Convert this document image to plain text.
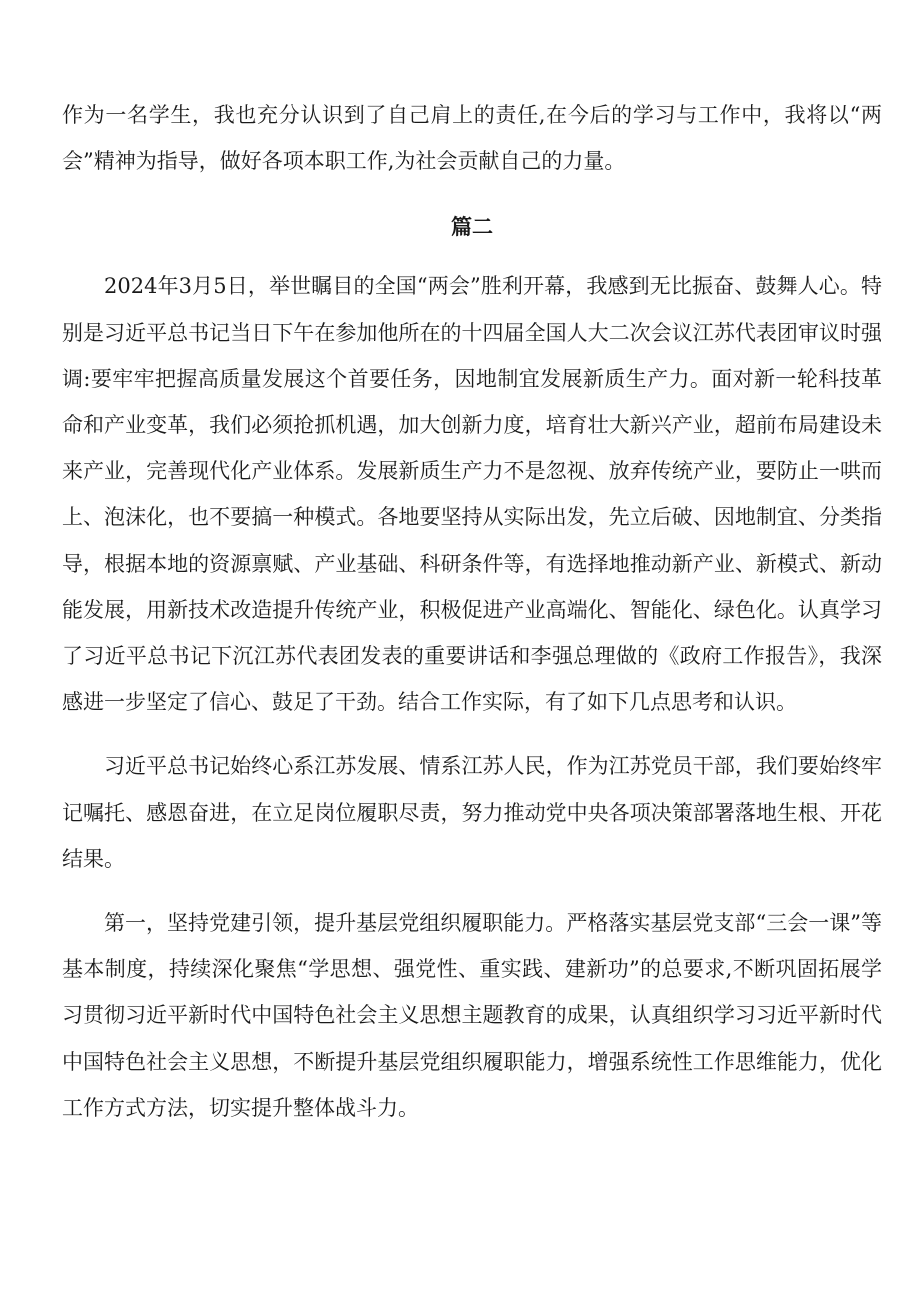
作为一名学生，我也充分认识到了自己肩上的责任,在今后的学习与工作中，我将以“两会”精神为指导，做好各项本职工作,为社会贡献自己的力量。

篇二

2024年3月5日，举世瞩目的全国“两会”胜利开幕，我感到无比振奋、鼓舞人心。特别是习近平总书记当日下午在参加他所在的十四届全国人大二次会议江苏代表团审议时强调:要牢牢把握高质量发展这个首要任务，因地制宜发展新质生产力。面对新一轮科技革命和产业变革，我们必须抢抓机遇，加大创新力度，培育壮大新兴产业，超前布局建设未来产业，完善现代化产业体系。发展新质生产力不是忽视、放弃传统产业，要防止一哄而上、泡沫化，也不要搞一种模式。各地要坚持从实际出发，先立后破、因地制宜、分类指导，根据本地的资源禀赋、产业基础、科研条件等，有选择地推动新产业、新模式、新动能发展，用新技术改造提升传统产业，积极促进产业高端化、智能化、绿色化。认真学习了习近平总书记下沉江苏代表团发表的重要讲话和李强总理做的《政府工作报告》，我深感进一步坚定了信心、鼓足了干劲。结合工作实际，有了如下几点思考和认识。

习近平总书记始终心系江苏发展、情系江苏人民，作为江苏党员干部，我们要始终牢记嘱托、感恩奋进，在立足岗位履职尽责，努力推动党中央各项决策部署落地生根、开花结果。

第一，坚持党建引领，提升基层党组织履职能力。严格落实基层党支部“三会一课”等基本制度，持续深化聚焦“学思想、强党性、重实践、建新功”的总要求,不断巩固拓展学习贯彻习近平新时代中国特色社会主义思想主题教育的成果，认真组织学习习近平新时代中国特色社会主义思想，不断提升基层党组织履职能力，增强系统性工作思维能力，优化工作方式方法，切实提升整体战斗力。
